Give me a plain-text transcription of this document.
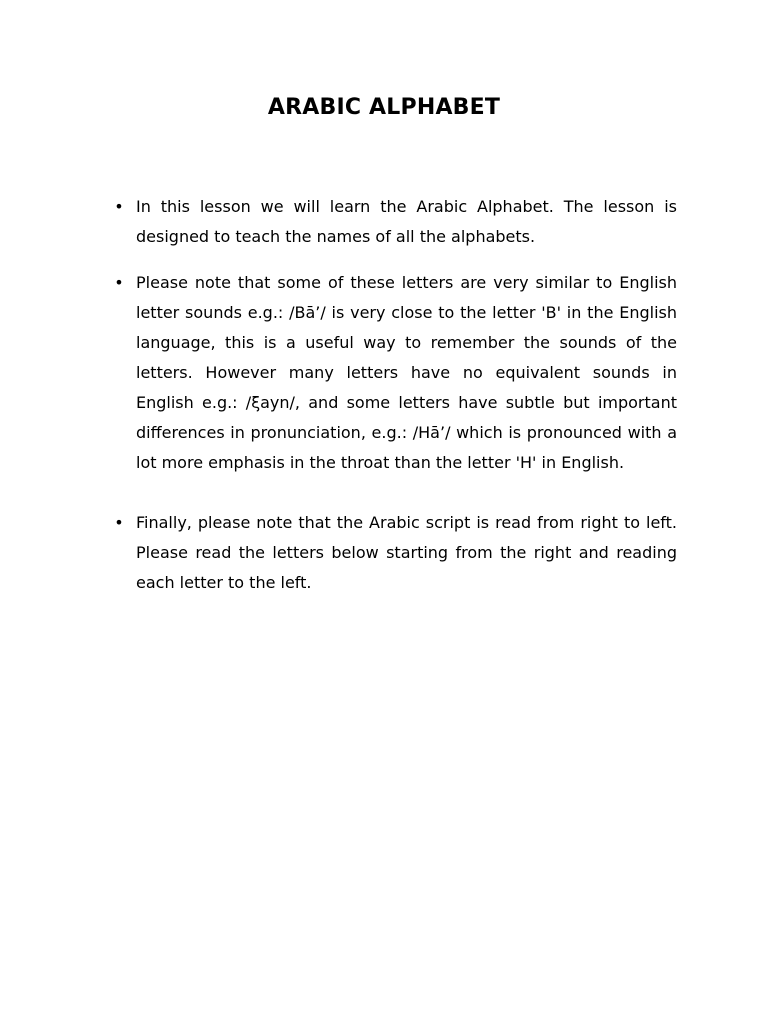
ARABIC ALPHABET
• In this lesson we will learn the Arabic Alphabet. The lesson is designed to teach the names of all the alphabets.
• Please note that some of these letters are very similar to English letter sounds e.g.: /Bā’/ is very close to the letter 'B' in the English language, this is a useful way to remember the sounds of the letters. However many letters have no equivalent sounds in English e.g.: /ξayn/, and some letters have subtle but important differences in pronunciation, e.g.: /Hā’/ which is pronounced with a lot more emphasis in the throat than the letter 'H' in English.
• Finally, please note that the Arabic script is read from right to left. Please read the letters below starting from the right and reading each letter to the left.
